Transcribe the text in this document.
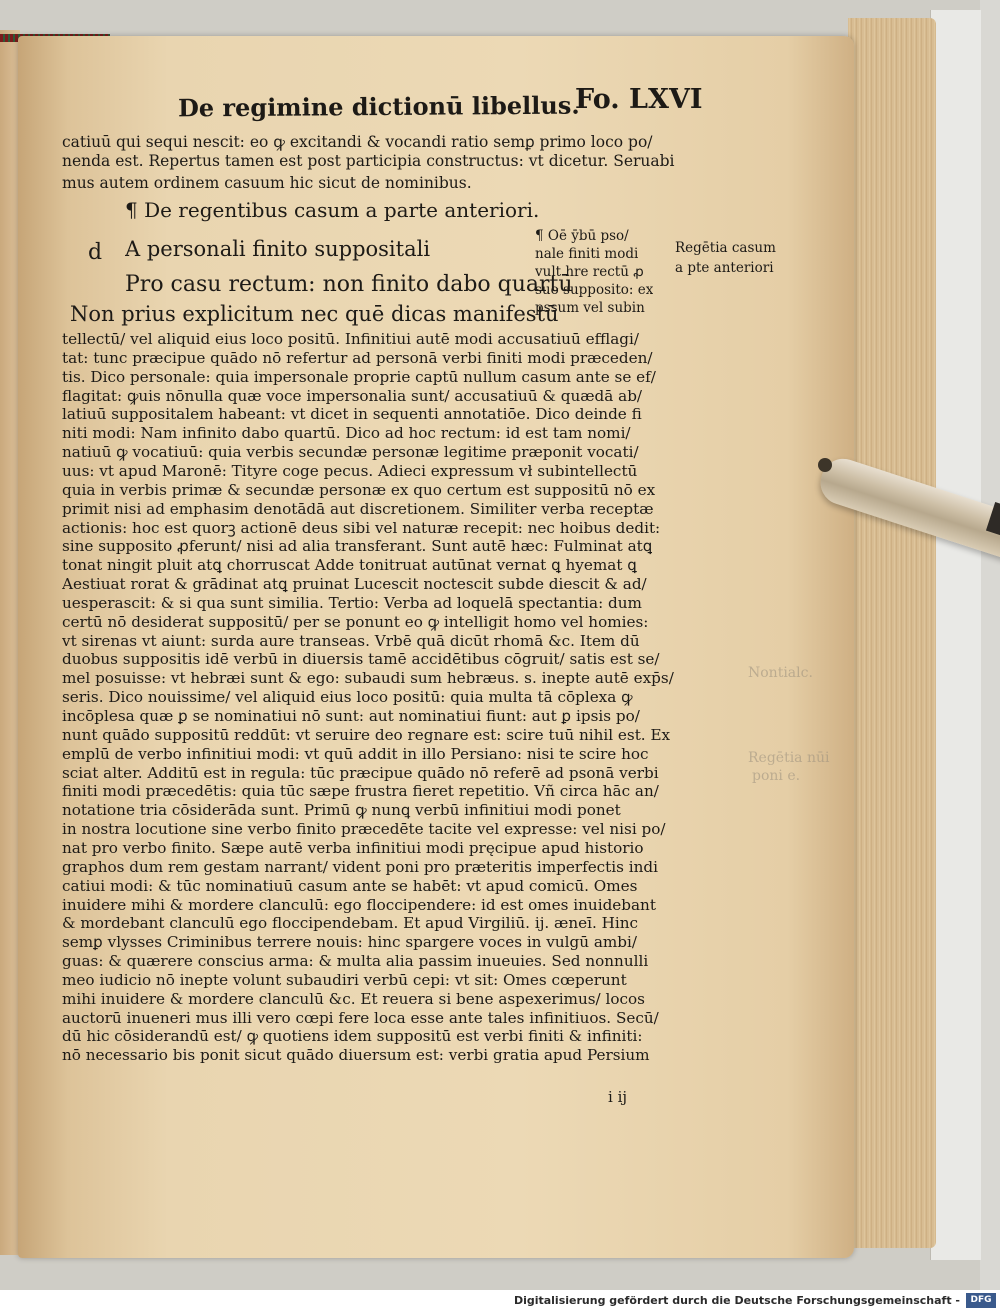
De regimine dictionū libellus.
Fo. LXVI
catiuū qui sequi nescit: eo ꝙ excitandi & vocandi ratio semꝑ primo loco po/
nenda est. Repertus tamen est post participia constructus: vt dicetur. Seruabi
mus autem ordinem casuum hic sicut de nominibus.
¶ De regentibus casum a parte anteriori.
d A personali finito suppositali
Pro casu rectum: non finito dabo quartū
Non prius explicitum nec quē dicas manifestū
¶ Oē ȳbū pso/
nale finiti modi
vult hre rectū ꝓ
suo supposito: ex
pssum vel subin
Regētia casum
a pte anteriori
tellectū/ vel aliquid eius loco positū. Infinitiui autē modi accusatiuū efflagi/
tat: tunc præcipue quādo nō refertur ad personā verbi finiti modi præceden/
tis. Dico personale: quia impersonale proprie captū nullum casum ante se ef/
flagitat: ꝙuis nōnulla quæ voce impersonalia sunt/ accusatiuū & quædā ab/
latiuū suppositalem habeant: vt dicet in sequenti annotatiōe. Dico deinde fi
niti modi: Nam infinito dabo quartū. Dico ad hoc rectum: id est tam nomi/
natiuū ꝙ vocatiuū: quia verbis secundæ personæ legitime præponit vocati/
uus: vt apud Maronē: Tityre coge pecus. Adieci expressum vł subintellectū
quia in verbis primæ & secundæ personæ ex quo certum est suppositū nō ex
primit nisi ad emphasim denotādā aut discretionem. Similiter verba receptæ
actionis: hoc est quorꝫ actionē deus sibi vel naturæ recepit: nec hoibus dedit:
sine supposito ꝓferunt/ nisi ad alia transferant. Sunt autē hæc: Fulminat atꝗ
tonat ningit pluit atꝗ chorruscat Adde tonitruat autūnat vernat ꝗ hyemat ꝗ
Aestiuat rorat & grādinat atꝗ pruinat Lucescit noctescit subde diescit & ad/
uesperascit: & si qua sunt similia. Tertio: Verba ad loquelā spectantia: dum
certū nō desiderat suppositū/ per se ponunt eo ꝙ intelligit homo vel homies:
vt sirenas vt aiunt: surda aure transeas. Vrbē quā dicūt rhomā &c. Item dū
duobus suppositis idē verbū in diuersis tamē accidētibus cōgruit/ satis est se/
mel posuisse: vt hebræi sunt & ego: subaudi sum hebræus. s. inepte autē exp̄s/
seris. Dico nouissime/ vel aliquid eius loco positū: quia multa tā cōplexa ꝙ
incōplesa quæ ꝑ se nominatiui nō sunt: aut nominatiui fiunt: aut ꝑ ipsis po/
nunt quādo suppositū reddūt: vt seruire deo regnare est: scire tuū nihil est. Ex
emplū de verbo infinitiui modi: vt quū addit in illo Persiano: nisi te scire hoc
sciat alter. Additū est in regula: tūc præcipue quādo nō referē ad psonā verbi
finiti modi præcedētis: quia tūc sæpe frustra fieret repetitio. Vñ circa hāc an/
notatione tria cōsiderāda sunt. Primū ꝙ nunꝗ verbū infinitiui modi ponet
in nostra locutione sine verbo finito præcedēte tacite vel expresse: vel nisi po/
nat pro verbo finito. Sæpe autē verba infinitiui modi pręcipue apud historio
graphos dum rem gestam narrant/ vident poni pro præteritis imperfectis indi
catiui modi: & tūc nominatiuū casum ante se habēt: vt apud comicū. Omes
inuidere mihi & mordere clanculū: ego floccipendere: id est omes inuidebant
& mordebant clanculū ego floccipendebam. Et apud Virgiliū. ij. æneī. Hinc
semꝑ vlysses Criminibus terrere nouis: hinc spargere voces in vulgū ambi/
guas: & quærere conscius arma: & multa alia passim inueuies. Sed nonnulli
meo iudicio nō inepte volunt subaudiri verbū cepi: vt sit: Omes cœperunt
mihi inuidere & mordere clanculū &c. Et reuera si bene aspexerimus/ locos
auctorū inueneri mus illi vero cœpi fere loca esse ante tales infinitiuos. Secū/
dū hic cōsiderandū est/ ꝙ quotiens idem suppositū est verbi finiti & infiniti:
nō necessario bis ponit sicut quādo diuersum est: verbi gratia apud Persium
Nontialc.
Regētia nūi
poni e.
i ij
Digitalisierung gefördert durch die Deutsche Forschungsgemeinschaft -	DFG
